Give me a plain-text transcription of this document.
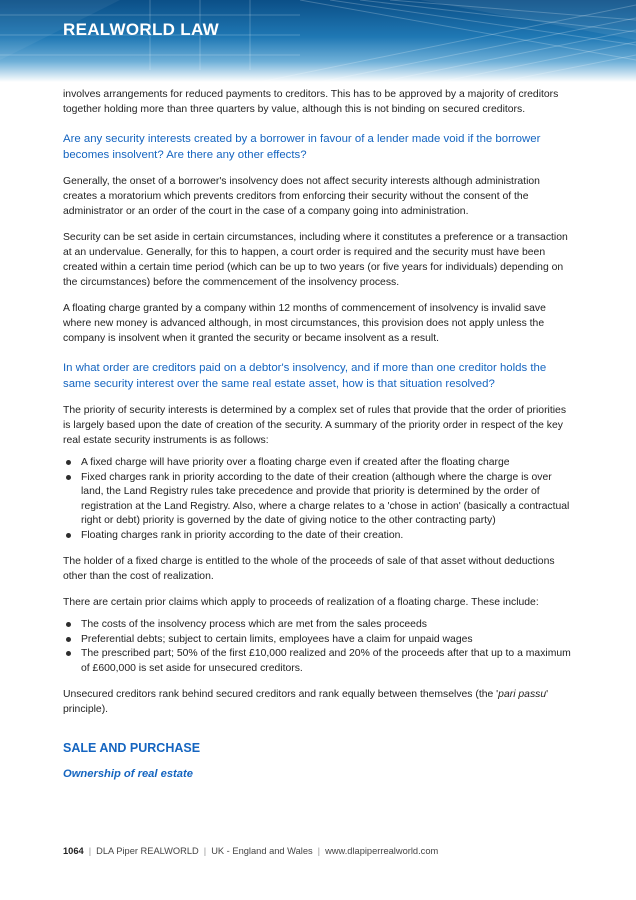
REALWORLD LAW

involves arrangements for reduced payments to creditors. This has to be approved by a majority of creditors together holding more than three quarters by value, although this is not binding on secured creditors.

Are any security interests created by a borrower in favour of a lender made void if the borrower becomes insolvent? Are there any other effects?

Generally, the onset of a borrower's insolvency does not affect security interests although administration creates a moratorium which prevents creditors from enforcing their security without the consent of the administrator or an order of the court in the case of a company going into administration.

Security can be set aside in certain circumstances, including where it constitutes a preference or a transaction at an undervalue. Generally, for this to happen, a court order is required and the security must have been created within a certain time period (which can be up to two years (or five years for individuals) depending on the circumstances) before the commencement of the insolvency process.

A floating charge granted by a company within 12 months of commencement of insolvency is invalid save where new money is advanced although, in most circumstances, this provision does not apply unless the company is insolvent when it granted the security or became insolvent as a result.

In what order are creditors paid on a debtor's insolvency, and if more than one creditor holds the same security interest over the same real estate asset, how is that situation resolved?

The priority of security interests is determined by a complex set of rules that provide that the order of priorities is largely based upon the date of creation of the security. A summary of the priority order in respect of the key real estate security instruments is as follows:

A fixed charge will have priority over a floating charge even if created after the floating charge
Fixed charges rank in priority according to the date of their creation (although where the charge is over land, the Land Registry rules take precedence and provide that priority is determined by the order of registration at the Land Registry. Also, where a charge relates to a 'chose in action' (basically a contractual right or debt) priority is governed by the date of giving notice to the other contracting party)
Floating charges rank in priority according to the date of their creation.

The holder of a fixed charge is entitled to the whole of the proceeds of sale of that asset without deductions other than the cost of realization.

There are certain prior claims which apply to proceeds of realization of a floating charge. These include:

The costs of the insolvency process which are met from the sales proceeds
Preferential debts; subject to certain limits, employees have a claim for unpaid wages
The prescribed part; 50% of the first £10,000 realized and 20% of the proceeds after that up to a maximum of £600,000 is set aside for unsecured creditors.

Unsecured creditors rank behind secured creditors and rank equally between themselves (the 'pari passu' principle).

SALE AND PURCHASE
Ownership of real estate
1064 | DLA Piper REALWORLD | UK - England and Wales | www.dlapiperrealworld.com
